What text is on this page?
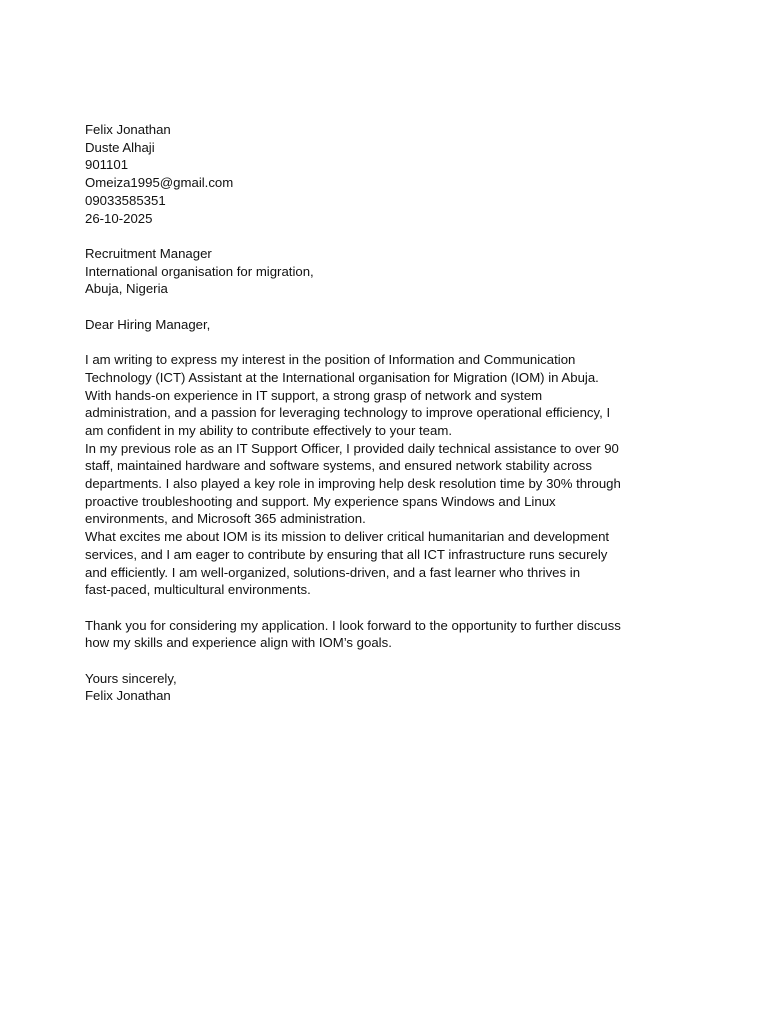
Felix Jonathan
Duste Alhaji
901101
Omeiza1995@gmail.com
09033585351
26-10-2025
Recruitment Manager
International organisation for migration,
Abuja, Nigeria
Dear Hiring Manager,
I am writing to express my interest in the position of Information and Communication
Technology (ICT) Assistant at the International organisation for Migration (IOM) in Abuja.
With hands-on experience in IT support, a strong grasp of network and system
administration, and a passion for leveraging technology to improve operational efficiency, I
am confident in my ability to contribute effectively to your team.
In my previous role as an IT Support Officer, I provided daily technical assistance to over 90
staff, maintained hardware and software systems, and ensured network stability across
departments. I also played a key role in improving help desk resolution time by 30% through
proactive troubleshooting and support. My experience spans Windows and Linux
environments, and Microsoft 365 administration.
What excites me about IOM is its mission to deliver critical humanitarian and development
services, and I am eager to contribute by ensuring that all ICT infrastructure runs securely
and efficiently. I am well-organized, solutions-driven, and a fast learner who thrives in
fast-paced, multicultural environments.
Thank you for considering my application. I look forward to the opportunity to further discuss
how my skills and experience align with IOM’s goals.
Yours sincerely,
Felix Jonathan
